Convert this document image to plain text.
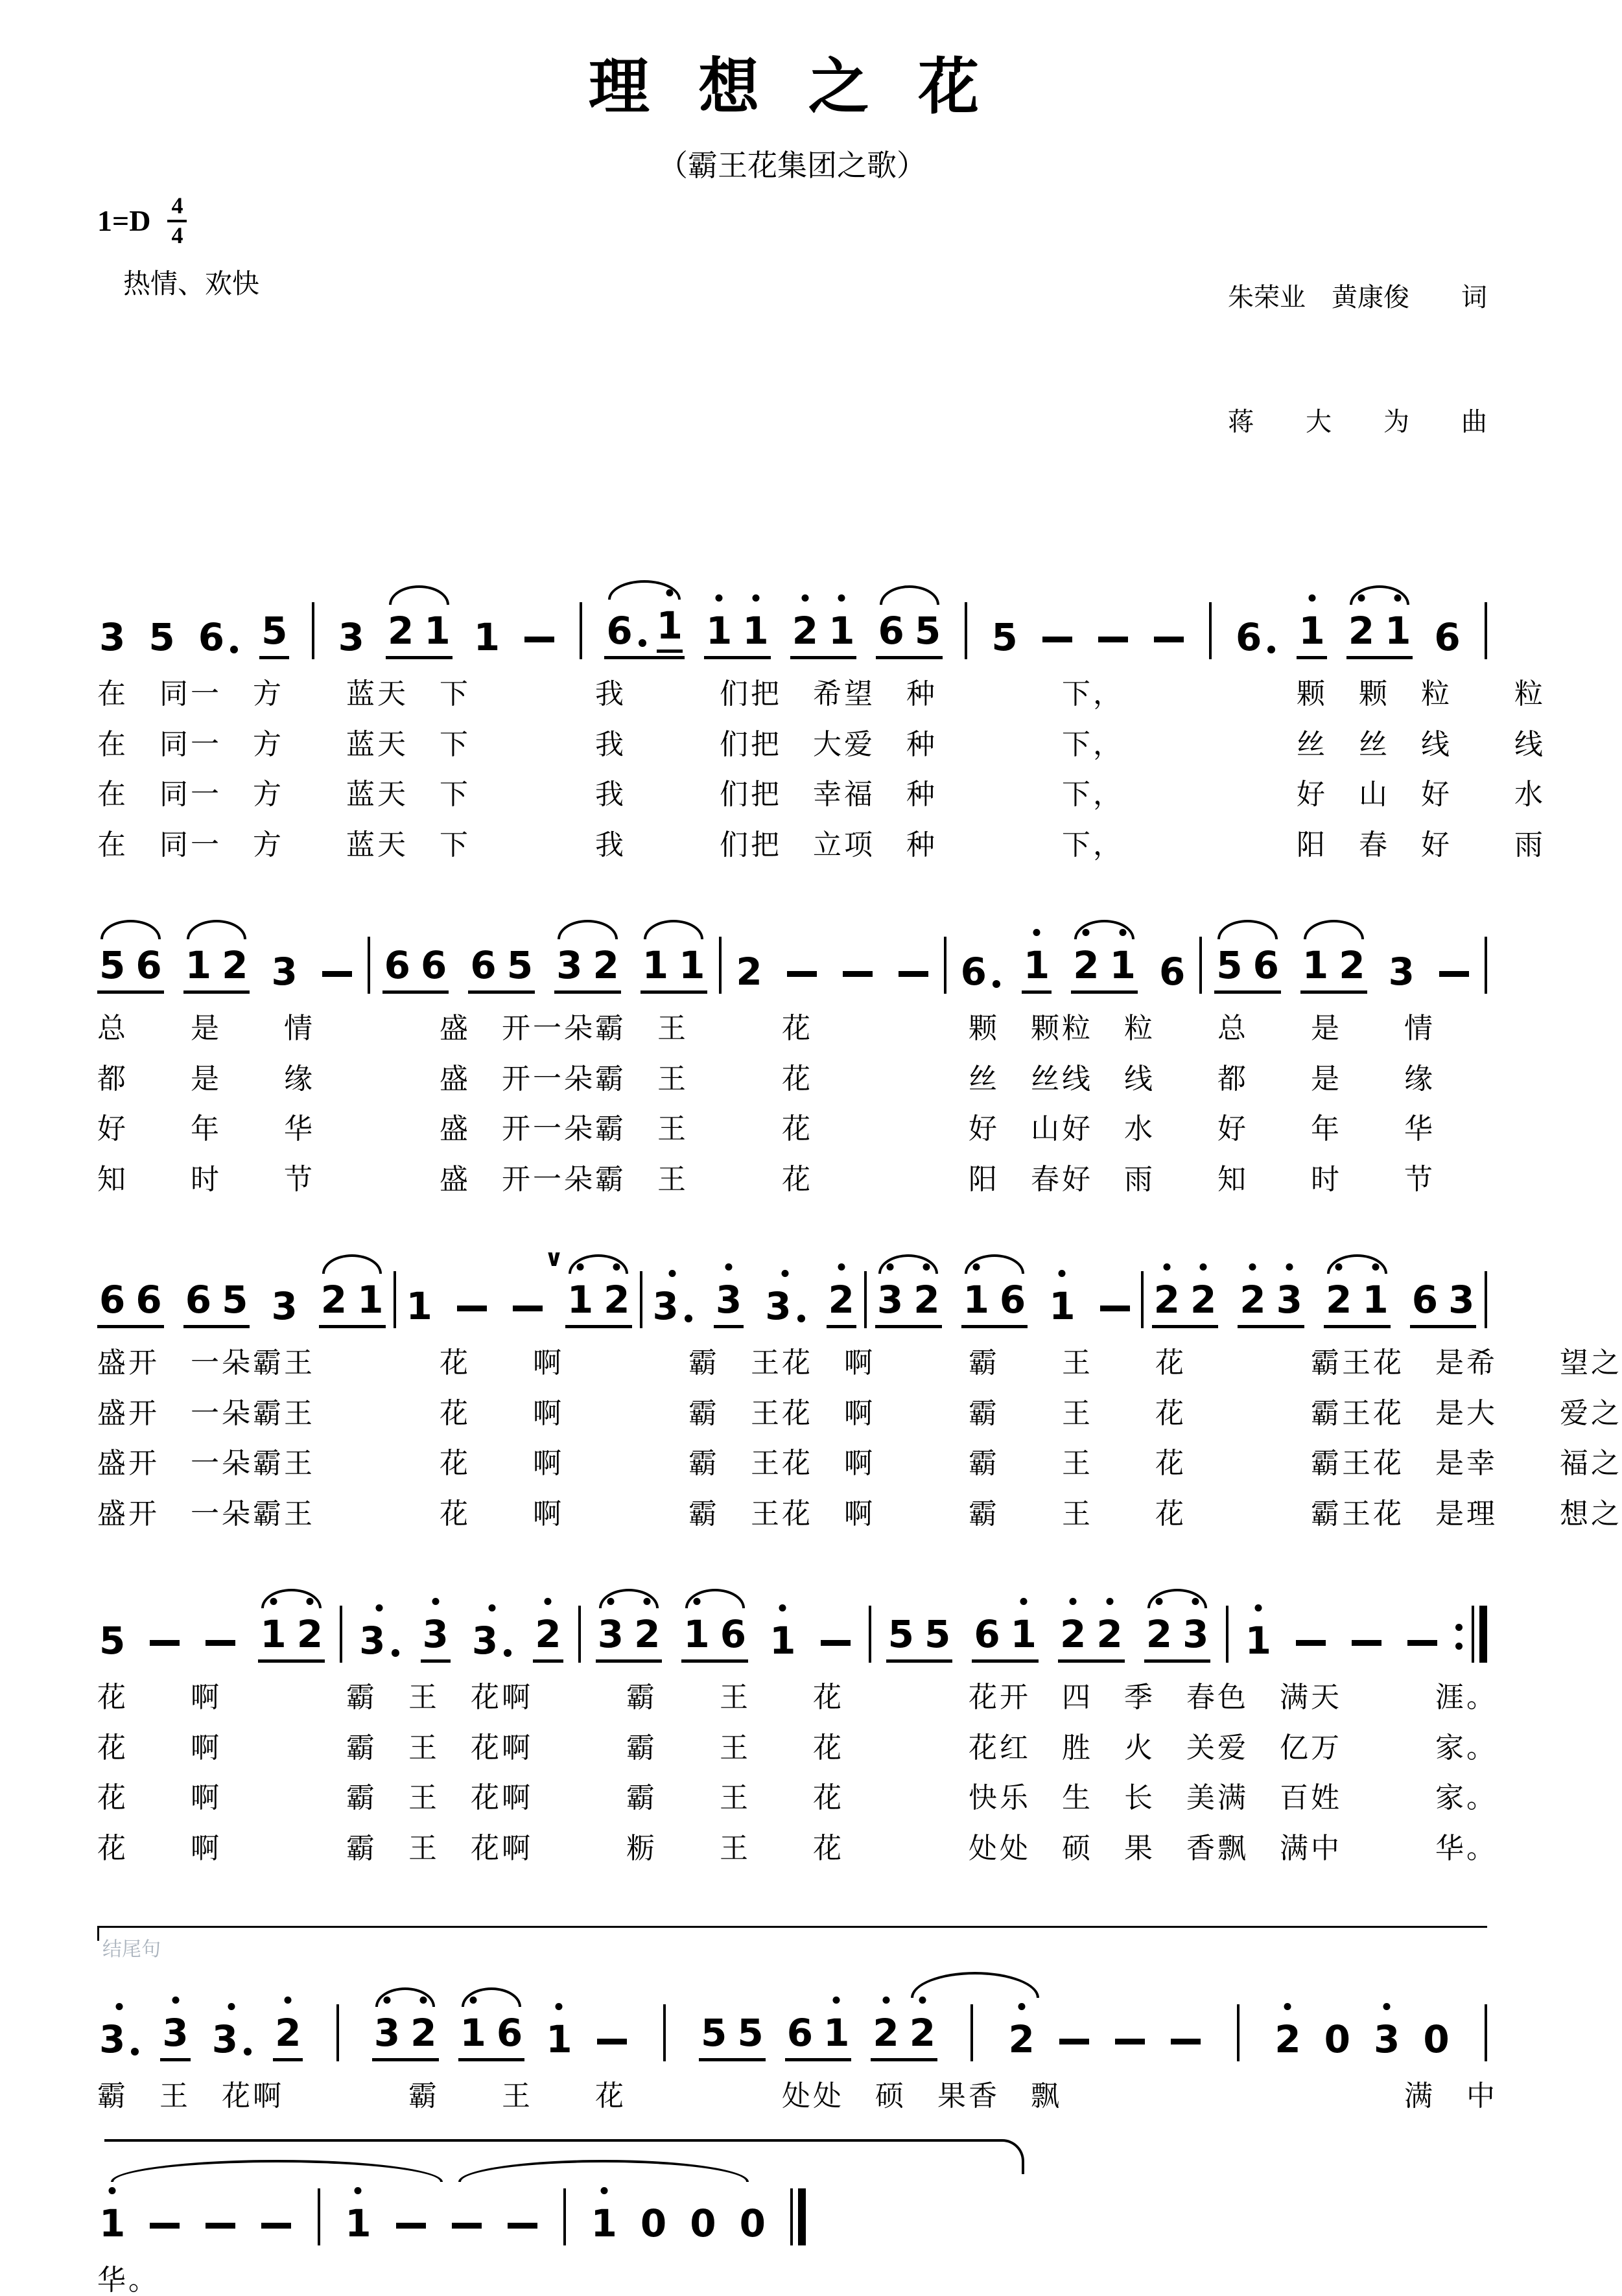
理 想 之 花
（霸王花集团之歌）
$1=D \frac{4}{4}$
热情、欢快

	朱荣业　黄康俊　　词

蒋　　大　　为　　曲

3 5 6 5 3 2 1 1	6 1 1 1 2 1 6 5 5	6 1 2 1 6
在　同一　方　　蓝天　下　　　　我　　　们把　希望　种　　　　下，　　　　　　颗　颗　粒　　粒
在　同一　方　　蓝天　下　　　　我　　　们把　大爱　种　　　　下，　　　　　　丝　丝　线　　线
在　同一　方　　蓝天　下　　　　我　　　们把　幸福　种　　　　下，　　　　　　好　山　好　　水
在　同一　方　　蓝天　下　　　　我　　　们把　立项　种　　　　下，　　　　　　阳　春　好　　雨
5 6 1 2 3 6 6 6 5 3 2 1 1 2	6 1 2 1 6 5 6 1 2 3
总　　是　　情　　　　盛　开一朵霸　王　　　花　　　　　颗　颗粒　粒　　总　　是　　情
都　　是　　缘　　　　盛　开一朵霸　王　　　花　　　　　丝　丝线　线　　都　　是　　缘
好　　年　　华　　　　盛　开一朵霸　王　　　花　　　　　好　山好　水　　好　　年　　华
知　　时　　节　　　　盛　开一朵霸　王　　　花　　　　　阳　春好　雨　　知　　时　　节
6 6 6 5 3 2 1 1
∨
1 2 3 3 3 2 3 2 1 6 1 2 2 2 3 2 1 6 3
盛开　一朵霸王　　　　花　　啊　　　　霸　王花　啊　　　霸　　王　　花　　　　霸王花　是希　　望之
盛开　一朵霸王　　　　花　　啊　　　　霸　王花　啊　　　霸　　王　　花　　　　霸王花　是大　　爱之
盛开　一朵霸王　　　　花　　啊　　　　霸　王花　啊　　　霸　　王　　花　　　　霸王花　是幸　　福之
盛开　一朵霸王　　　　花　　啊　　　　霸　王花　啊　　　霸　　王　　花　　　　霸王花　是理　　想之
5	1 2 3 3 3 2 3 2 1 6 1 5 5 6 1 2 2 2 3 1
花　　啊　　　　霸　王　花啊　　　霸　　王　　花　　　　花开　四　季　春色　满天　　　涯。
花　　啊　　　　霸　王　花啊　　　霸　　王　　花　　　　花红　胜　火　关爱　亿万　　　家。
花　　啊　　　　霸　王　花啊　　　霸　　王　　花　　　　快乐　生　长　美满　百姓　　　家。
花　　啊　　　　霸　王　花啊　　　粝　　王　　花　　　　处处　硕　果　香飘　满中　　　华。
结尾句
3 3 3 2 3 2 1 6 1	5 5 6 1 2 2 2	2 0 3 0
霸　王　花啊　　　　霸　　王　　花　　　　　处处　硕　果香　飘　　　　　　　　　　　满　中
1	1	1 0 0 0
华。
